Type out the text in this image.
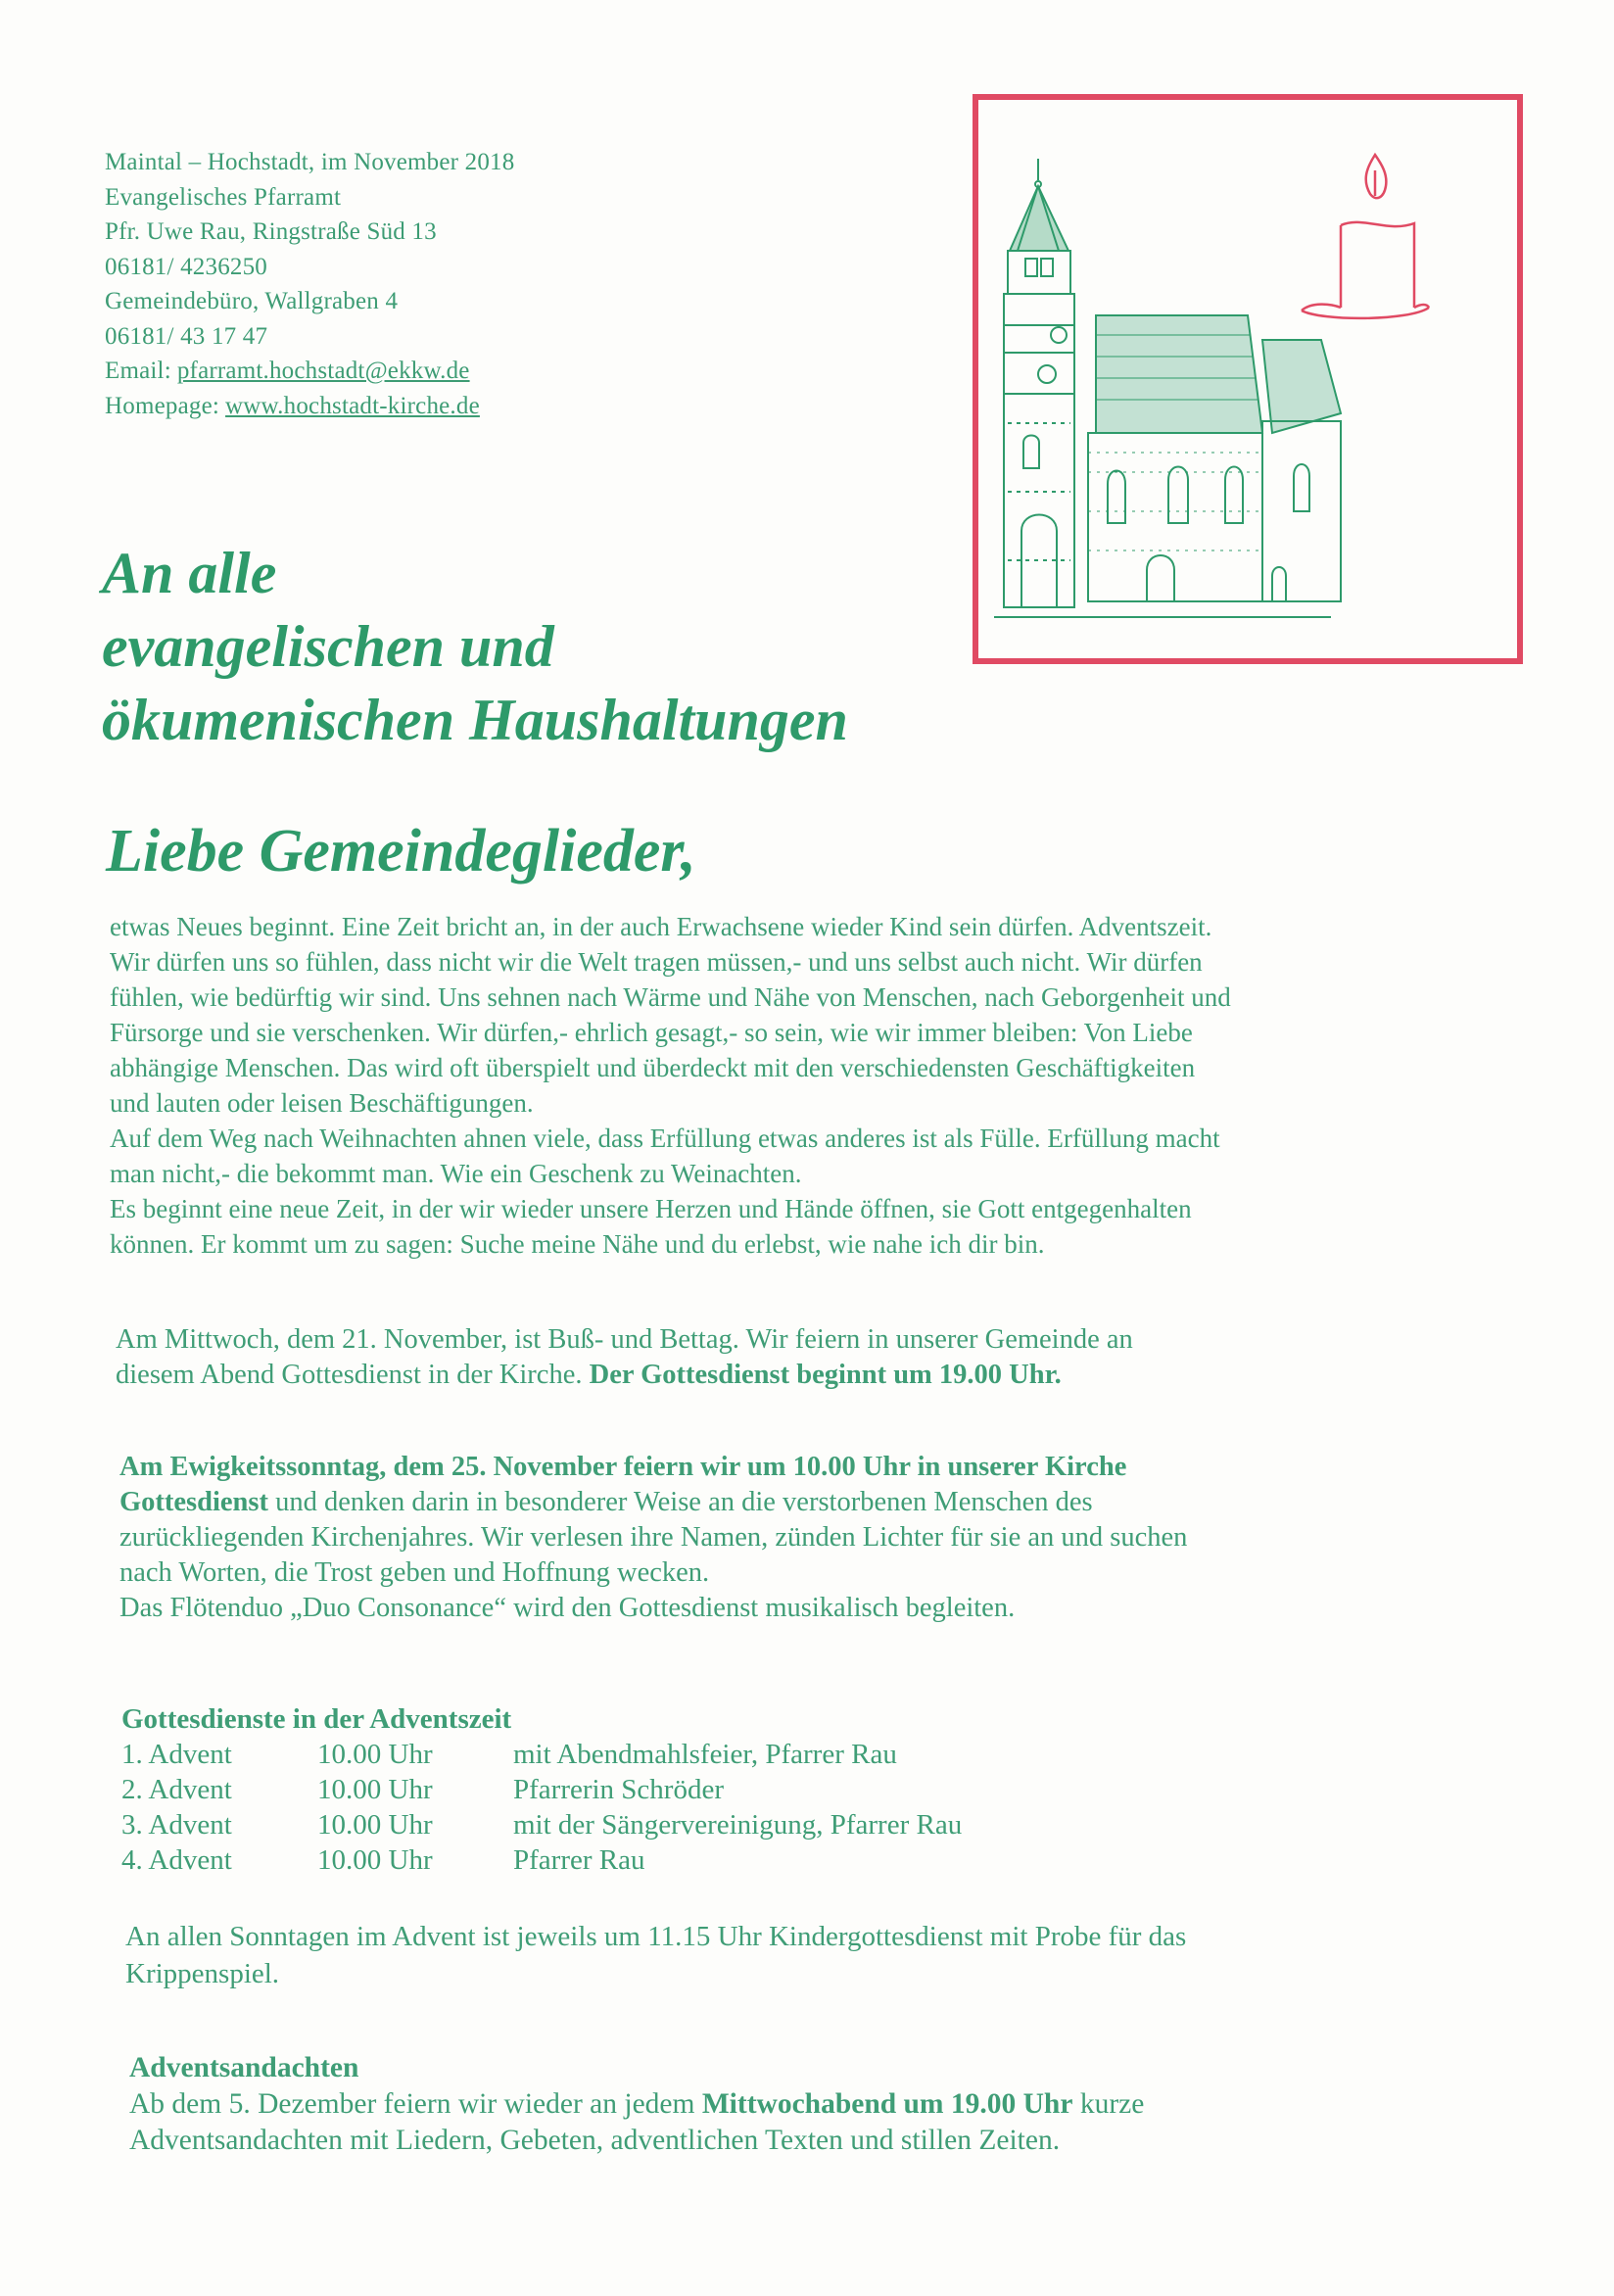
Maintal – Hochstadt, im November 2018
Evangelisches Pfarramt
Pfr. Uwe Rau, Ringstraße Süd 13
06181/ 4236250
Gemeindebüro, Wallgraben 4
06181/ 43 17 47
Email: pfarramt.hochstadt@ekkw.de
Homepage: www.hochstadt-kirche.de
An alle
evangelischen und
ökumenischen Haushaltungen
Liebe Gemeindeglieder,
etwas Neues beginnt. Eine Zeit bricht an, in der auch Erwachsene wieder Kind sein dürfen. Adventszeit.
Wir dürfen uns so fühlen, dass nicht wir die Welt tragen müssen,- und uns selbst auch nicht. Wir dürfen
fühlen, wie bedürftig wir sind. Uns sehnen nach Wärme und Nähe von Menschen, nach Geborgenheit und
Fürsorge und sie verschenken. Wir dürfen,- ehrlich gesagt,- so sein, wie wir immer bleiben: Von Liebe
abhängige Menschen. Das wird oft überspielt und überdeckt mit den verschiedensten Geschäftigkeiten
und lauten oder leisen Beschäftigungen.
Auf dem Weg nach Weihnachten ahnen viele, dass Erfüllung etwas anderes ist als Fülle. Erfüllung macht
man nicht,- die bekommt man. Wie ein Geschenk zu Weinachten.
Es beginnt eine neue Zeit, in der wir wieder unsere Herzen und Hände öffnen, sie Gott entgegenhalten
können. Er kommt um zu sagen: Suche meine Nähe und du erlebst, wie nahe ich dir bin.
Am Mittwoch, dem 21. November, ist Buß- und Bettag. Wir feiern in unserer Gemeinde an
diesem Abend Gottesdienst in der Kirche. Der Gottesdienst beginnt um 19.00 Uhr.
Am Ewigkeitssonntag, dem 25. November feiern wir um 10.00 Uhr in unserer Kirche
Gottesdienst und denken darin in besonderer Weise an die verstorbenen Menschen des
zurückliegenden Kirchenjahres. Wir verlesen ihre Namen, zünden Lichter für sie an und suchen
nach Worten, die Trost geben und Hoffnung wecken.
Das Flötenduo „Duo Consonance“ wird den Gottesdienst musikalisch begleiten.
Gottesdienste in der Adventszeit
1. Advent	10.00 Uhr	mit Abendmahlsfeier, Pfarrer Rau
2. Advent	10.00 Uhr	Pfarrerin Schröder
3. Advent	10.00 Uhr	mit der Sängervereinigung, Pfarrer Rau
4. Advent	10.00 Uhr	Pfarrer Rau
An allen Sonntagen im Advent ist jeweils um 11.15 Uhr Kindergottesdienst mit Probe für das
Krippenspiel.
Adventsandachten
Ab dem 5. Dezember feiern wir wieder an jedem Mittwochabend um 19.00 Uhr kurze
Adventsandachten mit Liedern, Gebeten, adventlichen Texten und stillen Zeiten.
